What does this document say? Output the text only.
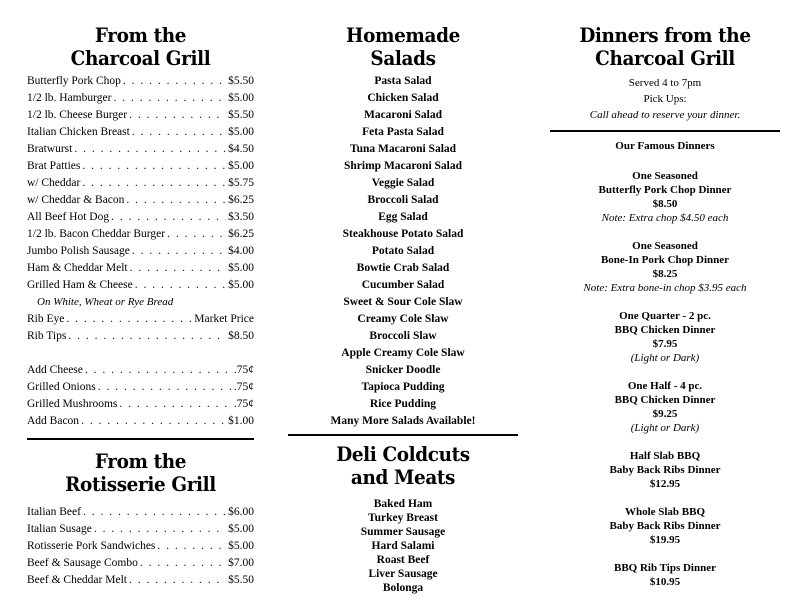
From the
Charcoal Grill
Butterfly Pork Chop . . .	$5.50
1/2 lb. Hamburger . . .	$5.00
1/2 lb. Cheese Burger . . .	$5.50
Italian Chicken Breast . . .	$5.00
Bratwurst . . .	$4.50
Brat Patties . . .	$5.00
w/ Cheddar . . .	$5.75
w/ Cheddar & Bacon . . .	$6.25
All Beef Hot Dog . . .	$3.50
1/2 lb. Bacon Cheddar Burger . . .	$6.25
Jumbo Polish Sausage . . .	$4.00
Ham & Cheddar Melt . . .	$5.00
Grilled Ham & Cheese . . .	$5.00
On White, Wheat or Rye Bread
Rib Eye . . .	Market Price
Rib Tips . . .	$8.50
Add Cheese . . .	.75¢
Grilled Onions . . .	.75¢
Grilled Mushrooms . . .	.75¢
Add Bacon . . .	$1.00
From the
Rotisserie Grill
Italian Beef . . .	$6.00
Italian Susage . . .	$5.00
Rotisserie Pork Sandwiches . . .	$5.00
Beef & Sausage Combo . . .	$7.00
Beef & Cheddar Melt . . .	$5.50
Homemade
Salads
Pasta Salad
Chicken Salad
Macaroni Salad
Feta Pasta Salad
Tuna Macaroni Salad
Shrimp Macaroni Salad
Veggie Salad
Broccoli Salad
Egg Salad
Steakhouse Potato Salad
Potato Salad
Bowtie Crab Salad
Cucumber Salad
Sweet & Sour Cole Slaw
Creamy Cole Slaw
Broccoli Slaw
Apple Creamy Cole Slaw
Snicker Doodle
Tapioca Pudding
Rice Pudding
Many More Salads Available!
Deli Coldcuts
and Meats
Baked Ham
Turkey Breast
Summer Sausage
Hard Salami
Roast Beef
Liver Sausage
Bolonga
Dinners from the
Charcoal Grill
Served 4 to 7pm
Pick Ups:
Call ahead to reserve your dinner.
Our Famous Dinners
One Seasoned
Butterfly Pork Chop Dinner
$8.50
Note: Extra chop $4.50 each
One Seasoned
Bone-In Pork Chop Dinner
$8.25
Note: Extra bone-in chop $3.95 each
One Quarter - 2 pc.
BBQ Chicken Dinner
$7.95
(Light or Dark)
One Half - 4 pc.
BBQ Chicken Dinner
$9.25
(Light or Dark)
Half Slab BBQ
Baby Back Ribs Dinner
$12.95
Whole Slab BBQ
Baby Back Ribs Dinner
$19.95
BBQ Rib Tips Dinner
$10.95
